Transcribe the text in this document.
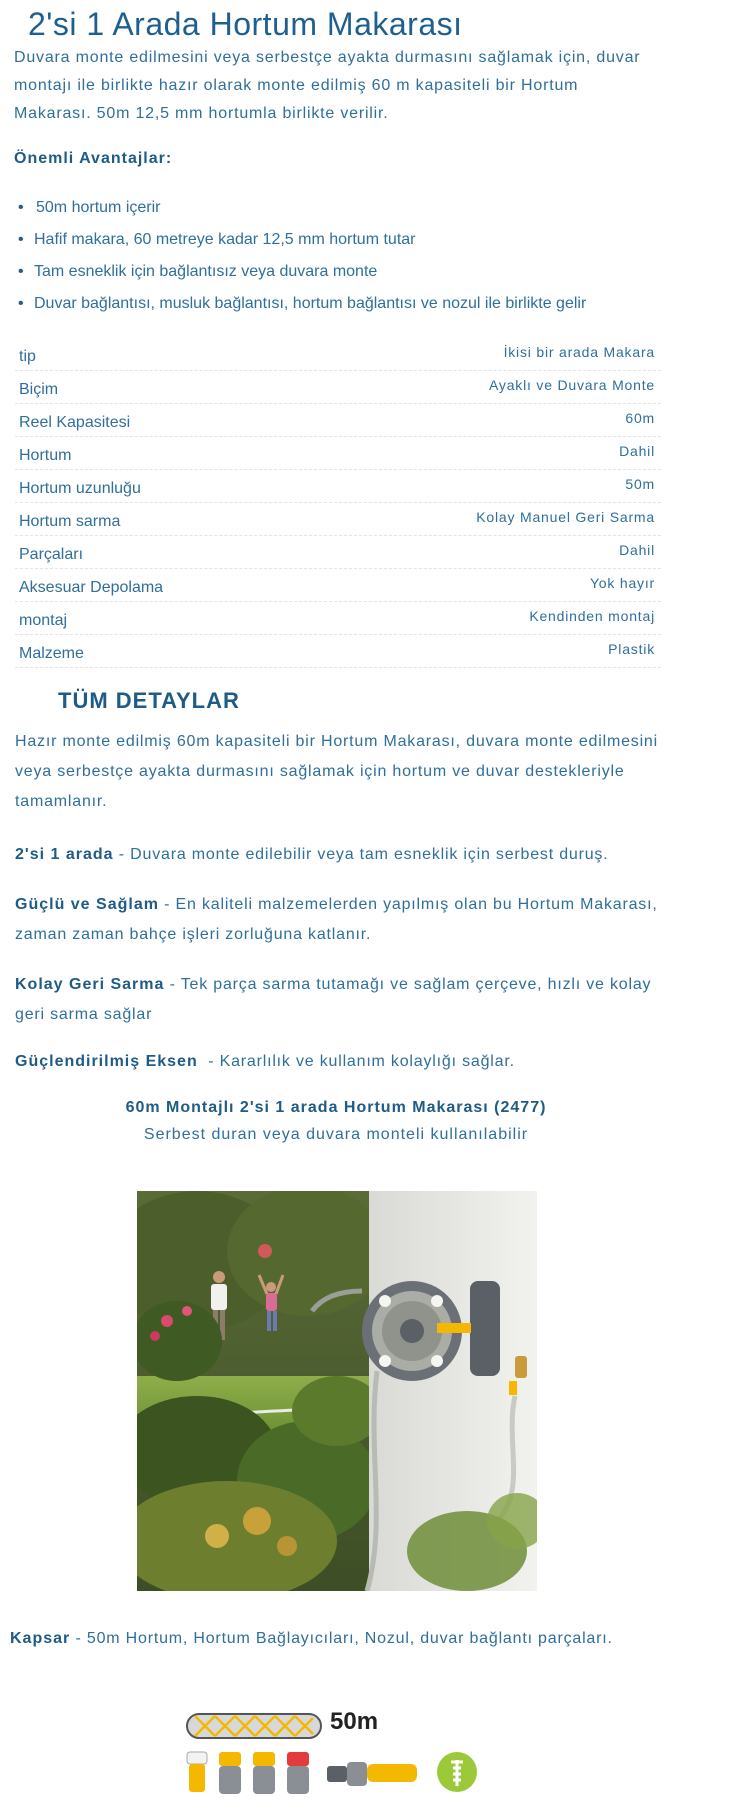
2'si 1 Arada Hortum Makarası

Duvara monte edilmesini veya serbestçe ayakta durmasını sağlamak için, duvar montajı ile birlikte hazır olarak monte edilmiş 60 m kapasiteli bir Hortum Makarası. 50m 12,5 mm hortumla birlikte verilir.

Önemli Avantajlar:
• 50m hortum içerir
• Hafif makara, 60 metreye kadar 12,5 mm hortum tutar
• Tam esneklik için bağlantısız veya duvara monte
• Duvar bağlantısı, musluk bağlantısı, hortum bağlantısı ve nozul ile birlikte gelir
tip	İkisi bir arada Makara
Biçim	Ayaklı ve Duvara Monte
Reel Kapasitesi	60m
Hortum	Dahil
Hortum uzunluğu	50m
Hortum sarma	Kolay Manuel Geri Sarma
Parçaları	Dahil
Aksesuar Depolama	Yok hayır
montaj	Kendinden montaj
Malzeme	Plastik
TÜM DETAYLAR

Hazır monte edilmiş 60m kapasiteli bir Hortum Makarası, duvara monte edilmesini veya serbestçe ayakta durmasını sağlamak için hortum ve duvar destekleriyle tamamlanır.

2'si 1 arada - Duvara monte edilebilir veya tam esneklik için serbest duruş.

Güçlü ve Sağlam - En kaliteli malzemelerden yapılmış olan bu Hortum Makarası, zaman zaman bahçe işleri zorluğuna katlanır.

Kolay Geri Sarma - Tek parça sarma tutamağı ve sağlam çerçeve, hızlı ve kolay geri sarma sağlar

Güçlendirilmiş Eksen  - Kararlılık ve kullanım kolaylığı sağlar.

60m Montajlı 2'si 1 arada Hortum Makarası (2477)
Serbest duran veya duvara monteli kullanılabilir

Kapsar - 50m Hortum, Hortum Bağlayıcıları, Nozul, duvar bağlantı parçaları.

50m
